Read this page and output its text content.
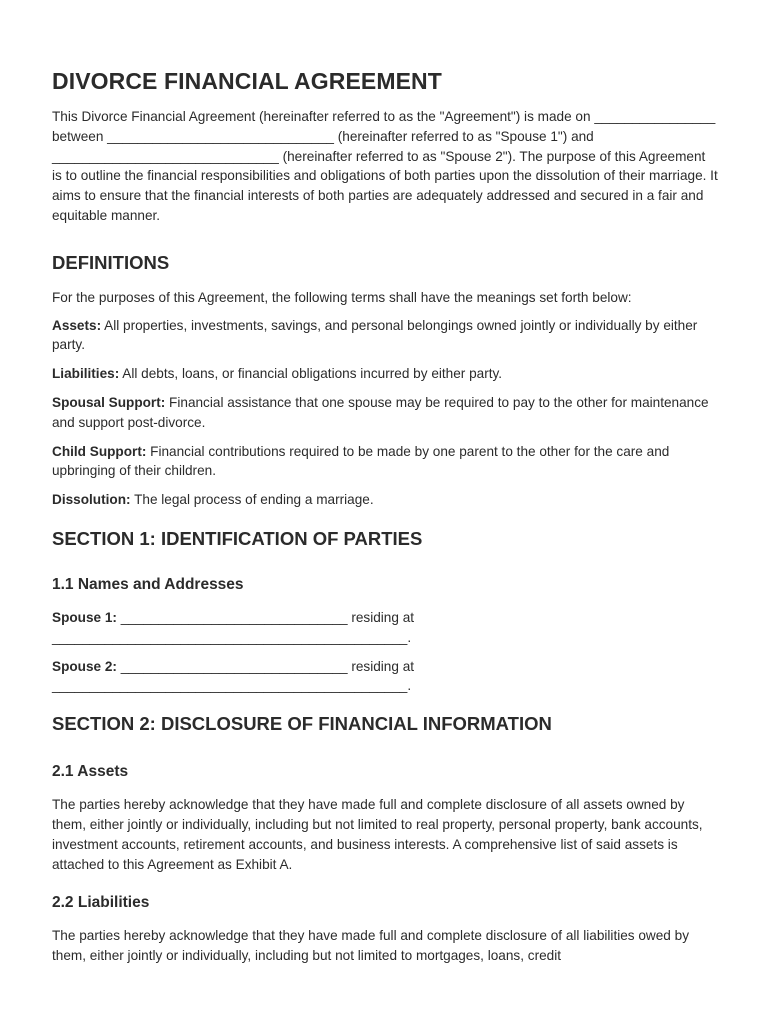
DIVORCE FINANCIAL AGREEMENT

This Divorce Financial Agreement (hereinafter referred to as the "Agreement") is made on ________________ between ______________________________ (hereinafter referred to as "Spouse 1") and ______________________________ (hereinafter referred to as "Spouse 2"). The purpose of this Agreement is to outline the financial responsibilities and obligations of both parties upon the dissolution of their marriage. It aims to ensure that the financial interests of both parties are adequately addressed and secured in a fair and equitable manner.

DEFINITIONS

For the purposes of this Agreement, the following terms shall have the meanings set forth below:

Assets: All properties, investments, savings, and personal belongings owned jointly or individually by either party.

Liabilities: All debts, loans, or financial obligations incurred by either party.

Spousal Support: Financial assistance that one spouse may be required to pay to the other for maintenance and support post-divorce.

Child Support: Financial contributions required to be made by one parent to the other for the care and upbringing of their children.

Dissolution: The legal process of ending a marriage.

SECTION 1: IDENTIFICATION OF PARTIES
1.1 Names and Addresses

Spouse 1: ______________________________ residing at _______________________________________________.

Spouse 2: ______________________________ residing at _______________________________________________.

SECTION 2: DISCLOSURE OF FINANCIAL INFORMATION
2.1 Assets

The parties hereby acknowledge that they have made full and complete disclosure of all assets owned by them, either jointly or individually, including but not limited to real property, personal property, bank accounts, investment accounts, retirement accounts, and business interests. A comprehensive list of said assets is attached to this Agreement as Exhibit A.

2.2 Liabilities

The parties hereby acknowledge that they have made full and complete disclosure of all liabilities owed by them, either jointly or individually, including but not limited to mortgages, loans, credit
